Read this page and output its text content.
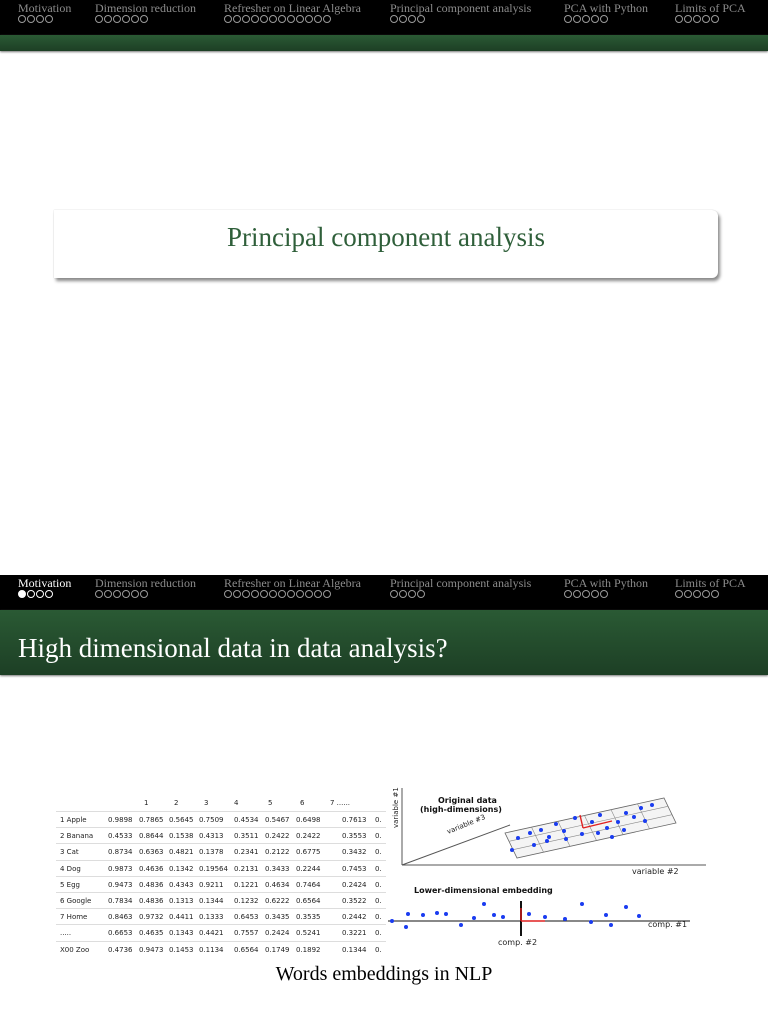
Motivation Dimension reduction Refresher on Linear Algebra Principal component analysis	PCA with Python Limits of PCA
Principal component analysis
Motivation Dimension reduction Refresher on Linear Algebra Principal component analysis	PCA with Python Limits of PCA
High dimensional data in data analysis?
1	2	3	4	5	6	7 ......
1 Apple	0.9898 0.7865 0.5645 0.7509 0.4534 0.5467 0.6498	0.7613 0.
2 Banana 0.4533 0.8644 0.1538 0.4313 0.3511 0.2422 0.2422	0.3553 0.
3 Cat	0.8734 0.6363 0.4821 0.1378 0.2341 0.2122 0.6775	0.3432 0.
4 Dog	0.9873 0.4636 0.1342 0.19564 0.2131 0.3433 0.2244	0.7453 0.
5 Egg	0.9473 0.4836 0.4343 0.9211 0.1221 0.4634 0.7464	0.2424 0.
6 Google 0.7834 0.4836 0.1313 0.1344 0.1232 0.6222 0.6564	0.3522 0.
7 Home	0.8463 0.9732 0.4411 0.1333 0.6453 0.3435 0.3535	0.2442 0.
.....	0.6653 0.4635 0.1343 0.4421 0.7557 0.2424 0.5241	0.3221 0.
X00 Zoo	0.4736 0.9473 0.1453 0.1134 0.6564 0.1749 0.1892	0.1344 0.
variable #1
variable #2
variable #3
Original data
(high-dimensions)
Lower-dimensional embedding
comp. #1
comp. #2
Words embeddings in NLP
